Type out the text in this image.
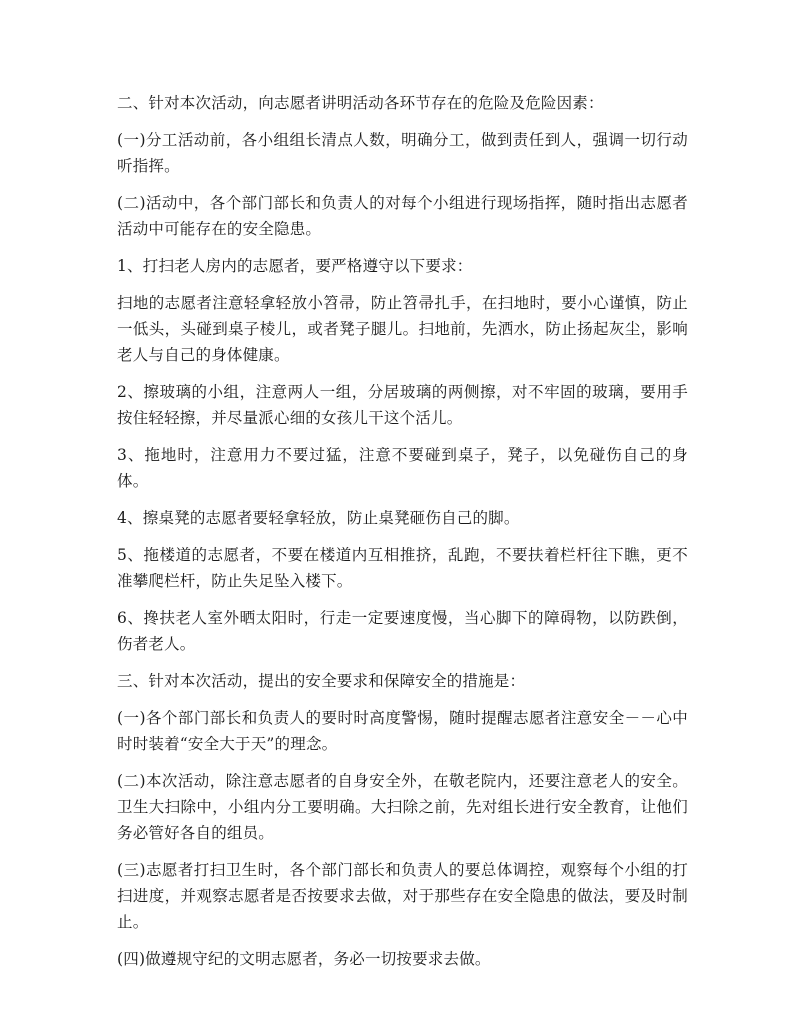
二、针对本次活动，向志愿者讲明活动各环节存在的危险及危险因素：

(一)分工活动前，各小组组长清点人数，明确分工，做到责任到人，强调一切行动听指挥。

(二)活动中，各个部门部长和负责人的对每个小组进行现场指挥，随时指出志愿者活动中可能存在的安全隐患。

1、打扫老人房内的志愿者，要严格遵守以下要求：

扫地的志愿者注意轻拿轻放小笤帚，防止笤帚扎手，在扫地时，要小心谨慎，防止一低头，头碰到桌子棱儿，或者凳子腿儿。扫地前，先洒水，防止扬起灰尘，影响老人与自己的身体健康。

2、擦玻璃的小组，注意两人一组，分居玻璃的两侧擦，对不牢固的玻璃，要用手按住轻轻擦，并尽量派心细的女孩儿干这个活儿。

3、拖地时，注意用力不要过猛，注意不要碰到桌子，凳子，以免碰伤自己的身体。

4、擦桌凳的志愿者要轻拿轻放，防止桌凳砸伤自己的脚。

5、拖楼道的志愿者，不要在楼道内互相推挤，乱跑，不要扶着栏杆往下瞧，更不准攀爬栏杆，防止失足坠入楼下。

6、搀扶老人室外晒太阳时，行走一定要速度慢，当心脚下的障碍物，以防跌倒，伤者老人。

三、针对本次活动，提出的安全要求和保障安全的措施是：

(一)各个部门部长和负责人的要时时高度警惕，随时提醒志愿者注意安全－－心中时时装着“安全大于天”的理念。

(二)本次活动，除注意志愿者的自身安全外，在敬老院内，还要注意老人的安全。卫生大扫除中，小组内分工要明确。大扫除之前，先对组长进行安全教育，让他们务必管好各自的组员。

(三)志愿者打扫卫生时，各个部门部长和负责人的要总体调控，观察每个小组的打扫进度，并观察志愿者是否按要求去做，对于那些存在安全隐患的做法，要及时制止。

(四)做遵规守纪的文明志愿者，务必一切按要求去做。
